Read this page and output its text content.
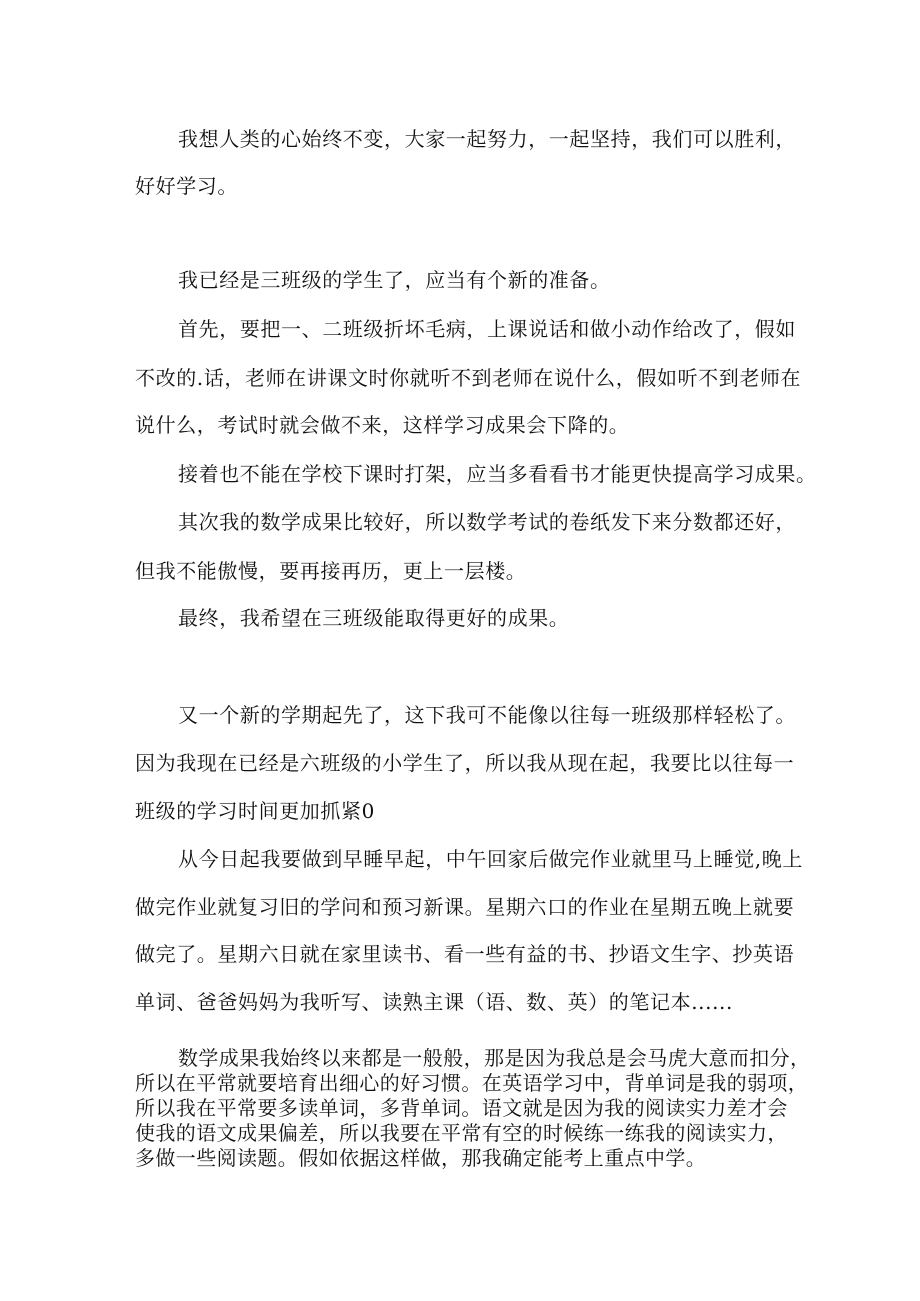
我想人类的心始终不变，大家一起努力，一起坚持，我们可以胜利，
好好学习。
我已经是三班级的学生了，应当有个新的准备。
首先，要把一、二班级折坏毛病，上课说话和做小动作给改了，假如
不改的.话，老师在讲课文时你就听不到老师在说什么，假如听不到老师在
说什么，考试时就会做不来，这样学习成果会下降的。
接着也不能在学校下课时打架，应当多看看书才能更快提高学习成果。
其次我的数学成果比较好，所以数学考试的卷纸发下来分数都还好，
但我不能傲慢，要再接再历，更上一层楼。
最终，我希望在三班级能取得更好的成果。
又一个新的学期起先了，这下我可不能像以往每一班级那样轻松了。
因为我现在已经是六班级的小学生了，所以我从现在起，我要比以往每一
班级的学习时间更加抓紧0
从今日起我要做到早睡早起，中午回家后做完作业就里马上睡觉,晚上
做完作业就复习旧的学问和预习新课。星期六口的作业在星期五晚上就要
做完了。星期六日就在家里读书、看一些有益的书、抄语文生字、抄英语
单词、爸爸妈妈为我听写、读熟主课（语、数、英）的笔记本......
数学成果我始终以来都是一般般，那是因为我总是会马虎大意而扣分，
所以在平常就要培育出细心的好习惯。在英语学习中，背单词是我的弱项，
所以我在平常要多读单词，多背单词。语文就是因为我的阅读实力差才会
使我的语文成果偏差，所以我要在平常有空的时候练一练我的阅读实力，
多做一些阅读题。假如依据这样做，那我确定能考上重点中学。
